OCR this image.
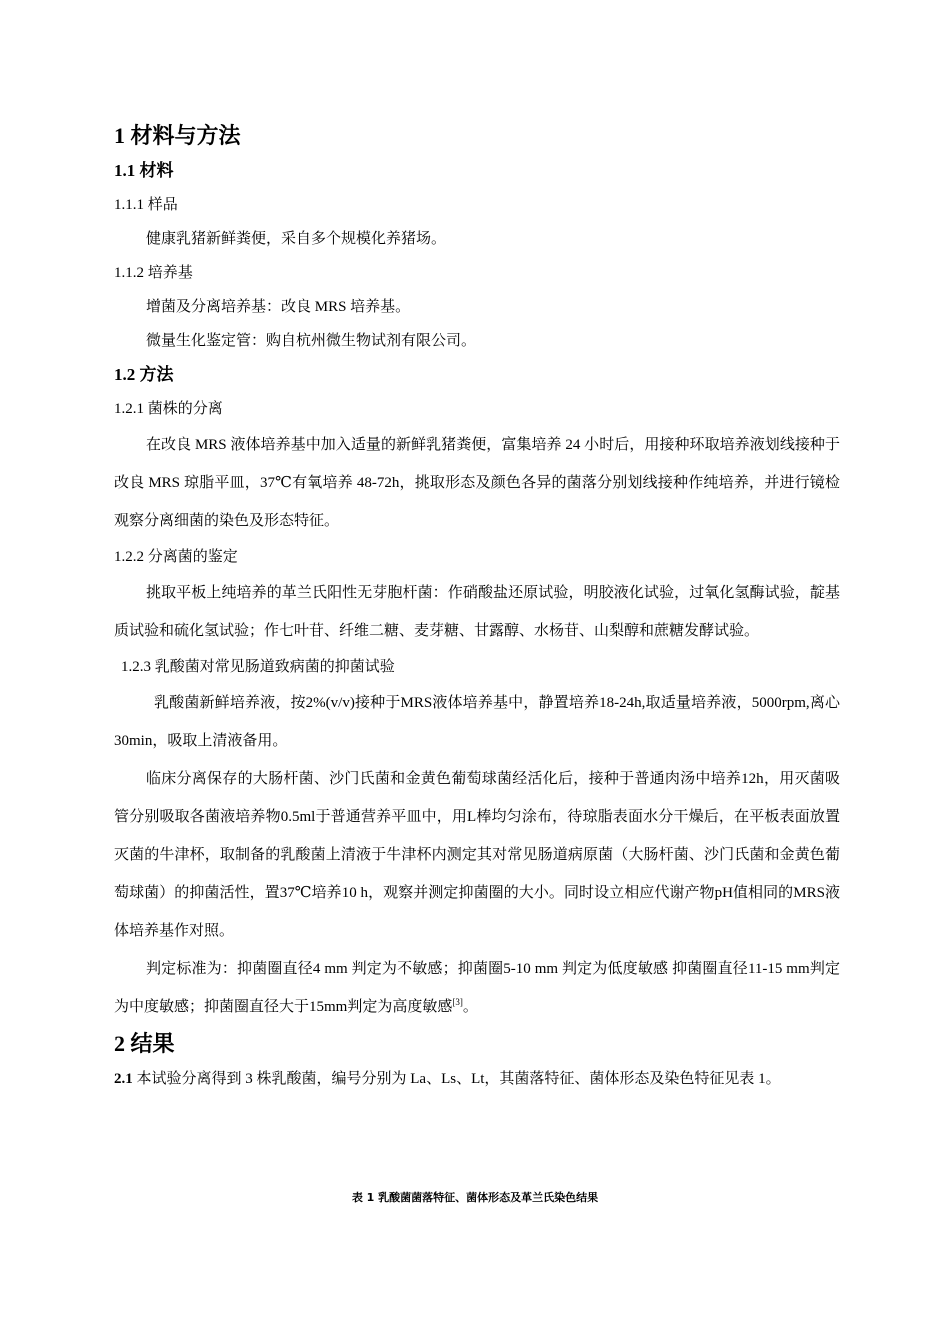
1 材料与方法
1.1 材料
1.1.1 样品
健康乳猪新鲜粪便，采自多个规模化养猪场。
1.1.2 培养基
增菌及分离培养基：改良 MRS 培养基。
微量生化鉴定管：购自杭州微生物试剂有限公司。
1.2 方法
1.2.1 菌株的分离
在改良 MRS 液体培养基中加入适量的新鲜乳猪粪便，富集培养 24 小时后，用接种环取培养液划线接种于改良 MRS 琼脂平皿，37℃有氧培养 48-72h，挑取形态及颜色各异的菌落分别划线接种作纯培养，并进行镜检观察分离细菌的染色及形态特征。
1.2.2 分离菌的鉴定
挑取平板上纯培养的革兰氏阳性无芽胞杆菌：作硝酸盐还原试验，明胶液化试验，过氧化氢酶试验，靛基质试验和硫化氢试验；作七叶苷、纤维二糖、麦芽糖、甘露醇、水杨苷、山梨醇和蔗糖发酵试验。
1.2.3 乳酸菌对常见肠道致病菌的抑菌试验
乳酸菌新鲜培养液，按2%(v/v)接种于MRS液体培养基中，静置培养18-24h,取适量培养液，5000rpm,离心30min，吸取上清液备用。
临床分离保存的大肠杆菌、沙门氏菌和金黄色葡萄球菌经活化后，接种于普通肉汤中培养12h，用灭菌吸管分别吸取各菌液培养物0.5ml于普通营养平皿中，用L棒均匀涂布，待琼脂表面水分干燥后，在平板表面放置灭菌的牛津杯，取制备的乳酸菌上清液于牛津杯内测定其对常见肠道病原菌（大肠杆菌、沙门氏菌和金黄色葡萄球菌）的抑菌活性，置37℃培养10 h，观察并测定抑菌圈的大小。同时设立相应代谢产物pH值相同的MRS液体培养基作对照。
判定标准为：抑菌圈直径4 mm 判定为不敏感；抑菌圈5-10 mm 判定为低度敏感 抑菌圈直径11-15 mm判定为中度敏感；抑菌圈直径大于15mm判定为高度敏感[3]。
2 结果
2.1 本试验分离得到 3 株乳酸菌，编号分别为 La、Ls、Lt，其菌落特征、菌体形态及染色特征见表 1。
表 1 乳酸菌菌落特征、菌体形态及革兰氏染色结果
